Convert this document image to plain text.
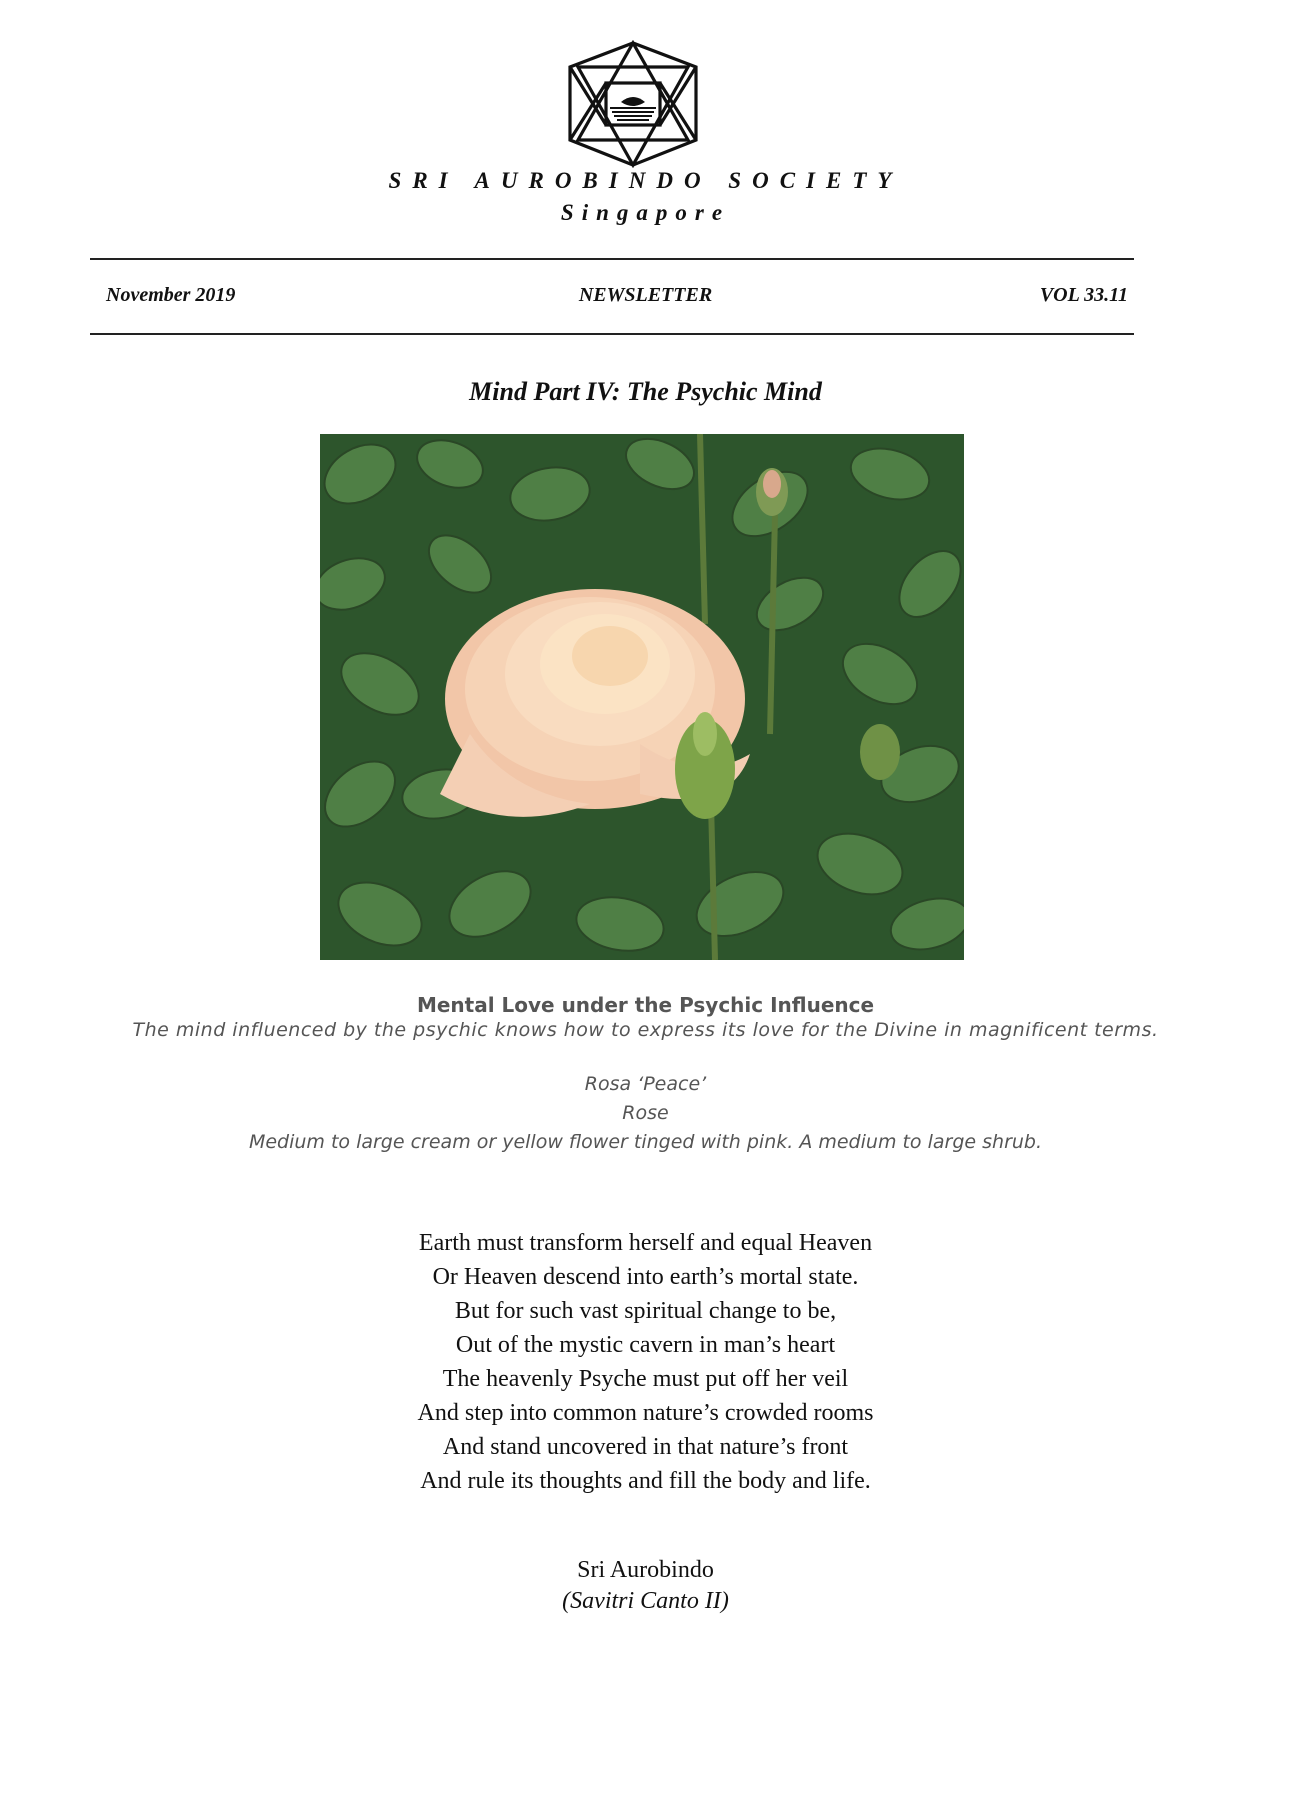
SRI AUROBINDO SOCIETY
Singapore
November 2019	NEWSLETTER	VOL 33.11
Mind Part IV: The Psychic Mind
Mental Love under the Psychic Influence
The mind influenced by the psychic knows how to express its love for the Divine in magnificent terms.
Rosa ‘Peace’
Rose
Medium to large cream or yellow flower tinged with pink. A medium to large shrub.
Earth must transform herself and equal Heaven
Or Heaven descend into earth’s mortal state.
But for such vast spiritual change to be,
Out of the mystic cavern in man’s heart
The heavenly Psyche must put off her veil
And step into common nature’s crowded rooms
And stand uncovered in that nature’s front
And rule its thoughts and fill the body and life.
Sri Aurobindo
(Savitri Canto II)
